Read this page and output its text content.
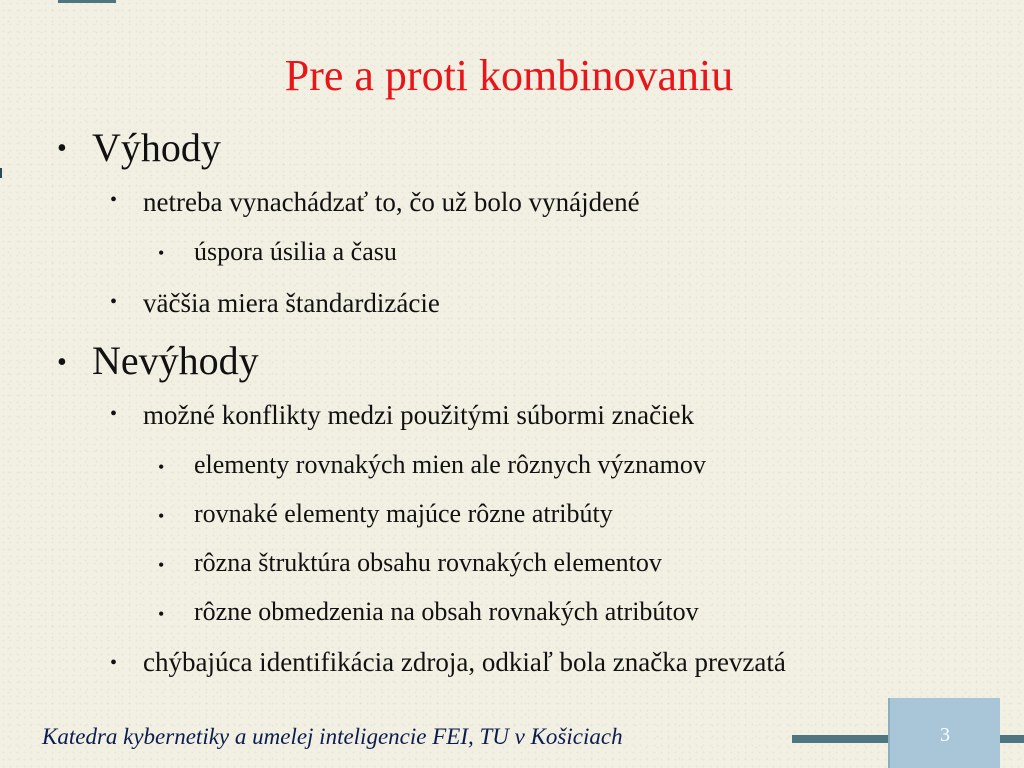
Pre a proti kombinovaniu
• Výhody
• netreba vynachádzať to, čo už bolo vynájdené
• úspora úsilia a času
• väčšia miera štandardizácie
• Nevýhody
• možné konflikty medzi použitými súbormi značiek
• elementy rovnakých mien ale rôznych významov
• rovnaké elementy majúce rôzne atribúty
• rôzna štruktúra obsahu rovnakých elementov
• rôzne obmedzenia na obsah rovnakých atribútov
• chýbajúca identifikácia zdroja, odkiaľ bola značka prevzatá
Katedra kybernetiky a umelej inteligencie FEI, TU v Košiciach	3
